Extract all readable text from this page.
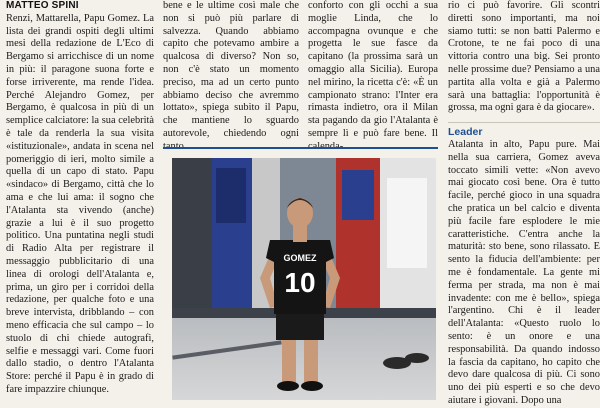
MATTEO SPINI

Renzi, Mattarella, Papu Gomez. La lista dei grandi ospiti degli ultimi mesi della redazione de L'Eco di Bergamo si arricchisce di un nome in più: il paragone suona forte e forse irriverente, ma rende l'idea. Perché Alejandro Gomez, per Bergamo, è qualcosa in più di un semplice calciatore: la sua celebrità è tale da renderla la sua visita «istituzionale», andata in scena nel pomeriggio di ieri, molto simile a quella di un capo di stato. Papu «sindaco» di Bergamo, città che lo ama e che lui ama: il sogno che l'Atalanta sta vivendo (anche) grazie a lui è il suo progetto politico. Una puntatina negli studi di Radio Alta per registrare il messaggio pubblicitario di una linea di orologi dell'Atalanta e, prima, un giro per i corridoi della redazione, per qualche foto e una breve intervista, dribblando – con meno efficacia che sul campo – lo stuolo di chi chiede autografi, selfie e messaggi vari. Come fuori dallo stadio, o dentro l'Atalanta Store: perché il Papu è in grado di fare impazzire chiunque.

bene e le ultime così male che non si può più parlare di salvezza. Quando abbiamo capito che potevamo ambire a qualcosa di diverso? Non so, non c'è stato un momento preciso, ma ad un certo punto abbiamo deciso che avremmo lottato», spiega subito il Papu, che mantiene lo sguardo autorevole, chiedendo ogni

conforto con gli occhi a sua moglie Linda, che lo accompagna ovunque e che progetta le sue fasce da capitano (la prossima sarà un omaggio alla Sicilia). Europa nel mirino, la ricetta c'è: «È un campionato strano: l'Inter era rimasta indietro, ora il Milan sta pagando da gio l'Atalanta è sempre lì e può fare bene. Il

rio ci può favorire. Gli scontri diretti sono importanti, ma noi siamo tutti: se non batti Palermo e Crotone, te ne fai poco di una vittoria contro una big. Sei pronto nelle prossime due? Pensiamo a una partita alla volta e già a Palermo sarà una battaglia: l'opportunità è grossa, ma ogni gara è da giocare».

Leader

Atalanta in alto, Papu pure. Mai nella sua carriera, Gomez aveva toccato simili vette: «Non avevo mai giocato così bene. Ora è tutto facile, perché gioco in una squadra che pratica un bel calcio e diventa più facile fare esplodere le mie caratteristiche. C'entra anche la maturità: sto bene, sono rilassato. E sento la fiducia dell'ambiente: per me è fondamentale. La gente mi ferma per strada, ma non è mai invadente: con me è bello», spiega l'argentino. Chi è il leader dell'Atalanta: «Questo ruolo lo sento: è un onore e una responsabilità. Da quando indosso la fascia da capitano, ho capito che devo dare qualcosa di più. Ci sono uno dei più esperti e so che devo aiutare i giovani. Dopo una

GOMEZ
10
